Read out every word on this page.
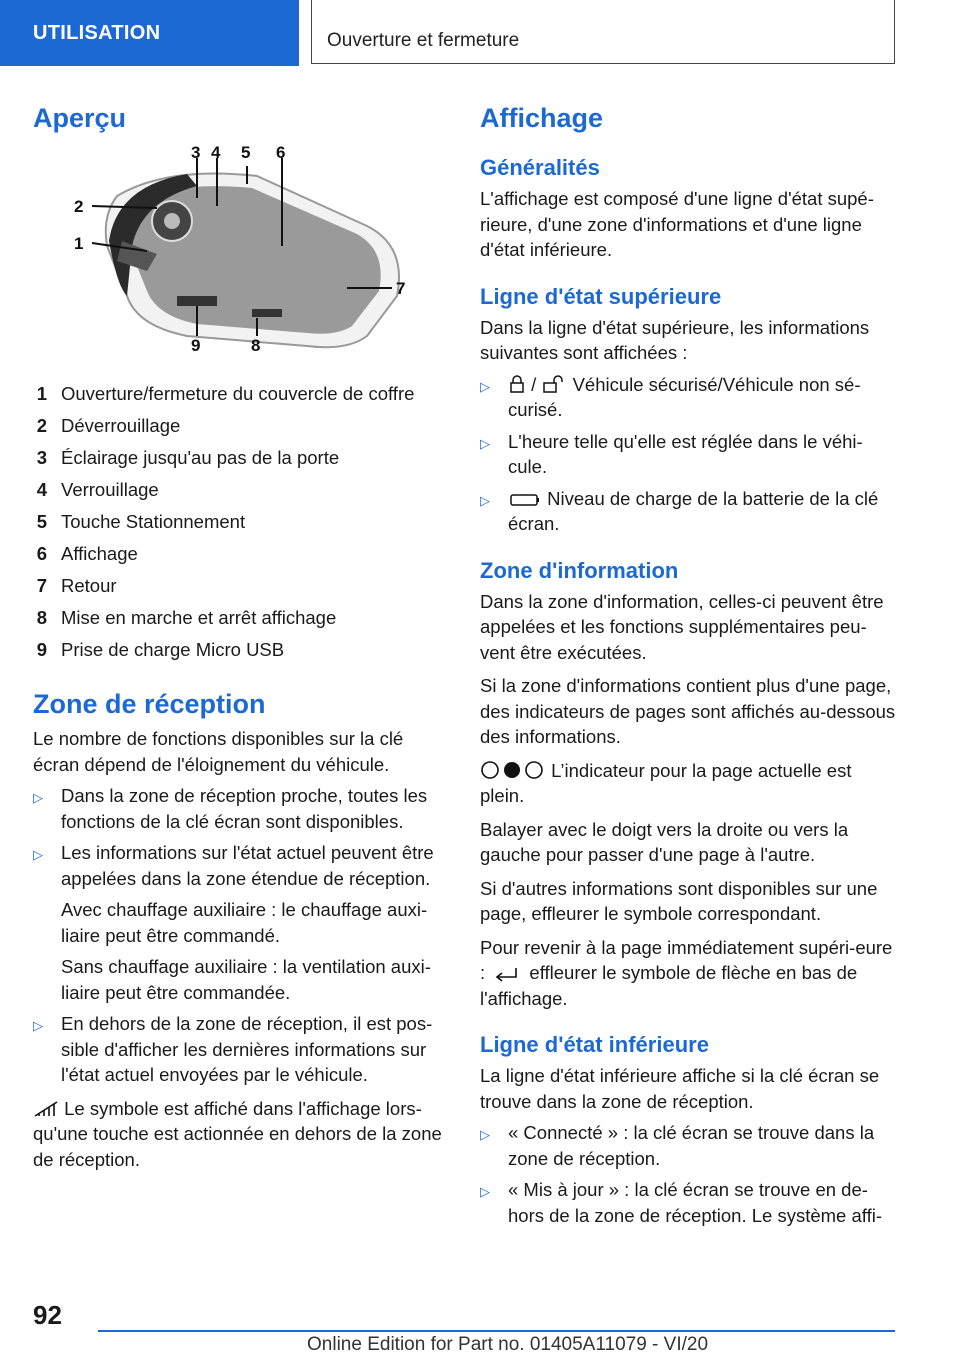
UTILISATION	Ouverture et fermeture
Aperçu
1
2
3 4 5 6
7
8
9
1 Ouverture/fermeture du couvercle de coffre
2 Déverrouillage
3 Éclairage jusqu'au pas de la porte
4 Verrouillage
5 Touche Stationnement
6 Affichage
7 Retour
8 Mise en marche et arrêt affichage
9 Prise de charge Micro USB
Zone de réception

Le nombre de fonctions disponibles sur la clé écran dépend de l'éloignement du véhicule.

▷ Dans la zone de réception proche, toutes les fonctions de la clé écran sont disponibles.
▷ Les informations sur l'état actuel peuvent être appelées dans la zone étendue de réception.

Avec chauffage auxiliaire : le chauffage auxi-liaire peut être commandé.

Sans chauffage auxiliaire : la ventilation auxi-liaire peut être commandée.

▷ En dehors de la zone de réception, il est pos-sible d'afficher les dernières informations sur l'état actuel envoyées par le véhicule.

Le symbole est affiché dans l'affichage lors-qu'une touche est actionnée en dehors de la zone de réception.

Affichage
Généralités

L'affichage est composé d'une ligne d'état supé-rieure, d'une zone d'informations et d'une ligne d'état inférieure.

Ligne d'état supérieure

Dans la ligne d'état supérieure, les informations suivantes sont affichées :

▷ / Véhicule sécurisé/Véhicule non sé-curisé.
▷ L'heure telle qu'elle est réglée dans le véhi-cule.
▷	Niveau de charge de la batterie de la clé écran.
Zone d'information

Dans la zone d'information, celles-ci peuvent être appelées et les fonctions supplémentaires peu-vent être exécutées.

Si la zone d'informations contient plus d'une page, des indicateurs de pages sont affichés au-dessous des informations.

L’indicateur pour la page actuelle est plein.

Balayer avec le doigt vers la droite ou vers la gauche pour passer d'une page à l'autre.

Si d'autres informations sont disponibles sur une page, effleurer le symbole correspondant.

Pour revenir à la page immédiatement supéri-eure : effleurer le symbole de flèche en bas de l'affichage.

Ligne d'état inférieure

La ligne d'état inférieure affiche si la clé écran se trouve dans la zone de réception.

▷ « Connecté » : la clé écran se trouve dans la zone de réception.
▷ « Mis à jour » : la clé écran se trouve en de-hors de la zone de réception. Le système affi-
92
Online Edition for Part no. 01405A11079 - VI/20
